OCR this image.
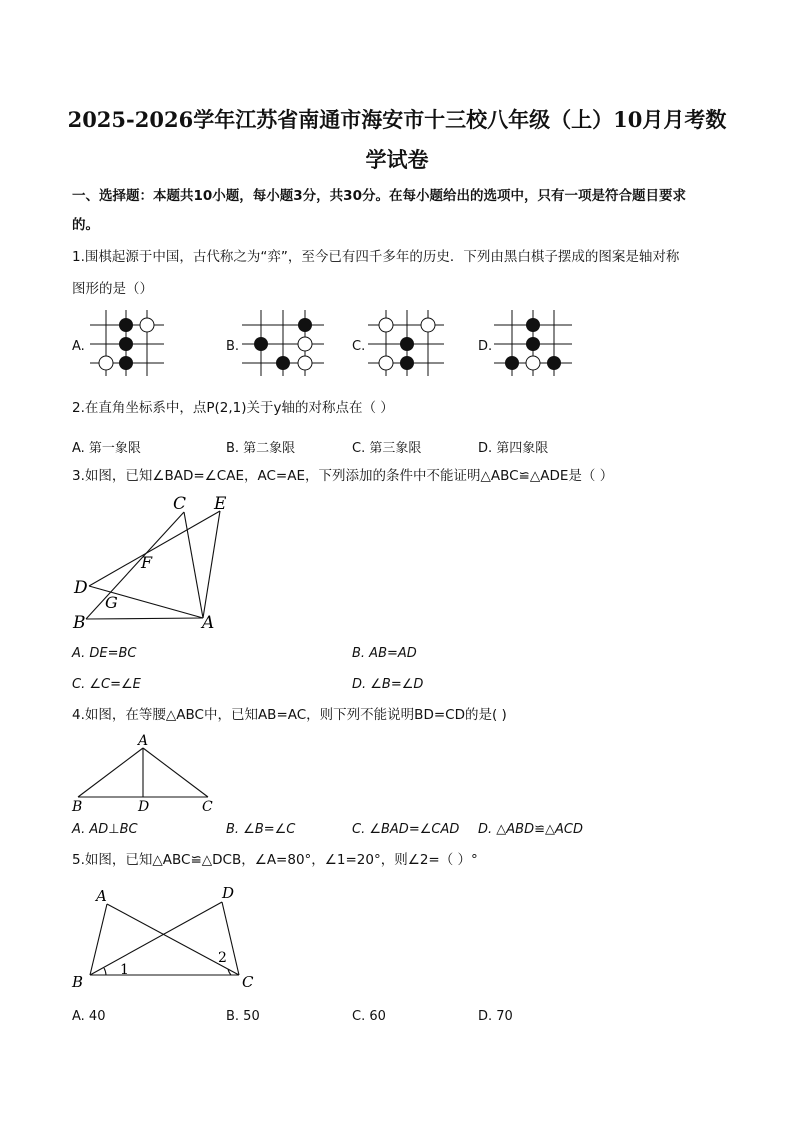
2025-2026学年江苏省南通市海安市十三校八年级（上）10月月考数
学试卷
一、选择题：本题共10小题，每小题3分，共30分。在每小题给出的选项中，只有一项是符合题目要求
的。
1.围棋起源于中国，古代称之为“弈”，至今已有四千多年的历史．下列由黑白棋子摆成的图案是轴对称
图形的是（）
A.	B.	C.	D.
2.在直角坐标系中，点P(2,1)关于y轴的对称点在（ ）
A. 第一象限	B. 第二象限	C. 第三象限	D. 第四象限
3.如图，已知∠BAD=∠CAE，AC=AE，下列添加的条件中不能证明△ABC≌△ADE是（ ）
C E
F
D
G
B	A
A. DE=BC	B. AB=AD
C. ∠C=∠E	D. ∠B=∠D
4.如图，在等腰△ABC中，已知AB=AC，则下列不能说明BD=CD的是( )
A
B	D	C
A. AD⊥BC	B. ∠B=∠C	C. ∠BAD=∠CAD D. △ABD≌△ACD
5.如图，已知△ABC≌△DCB，∠A=80°，∠1=20°，则∠2=（ ）°
A	D
B	C
1
2
A. 40	B. 50	C. 60	D. 70
